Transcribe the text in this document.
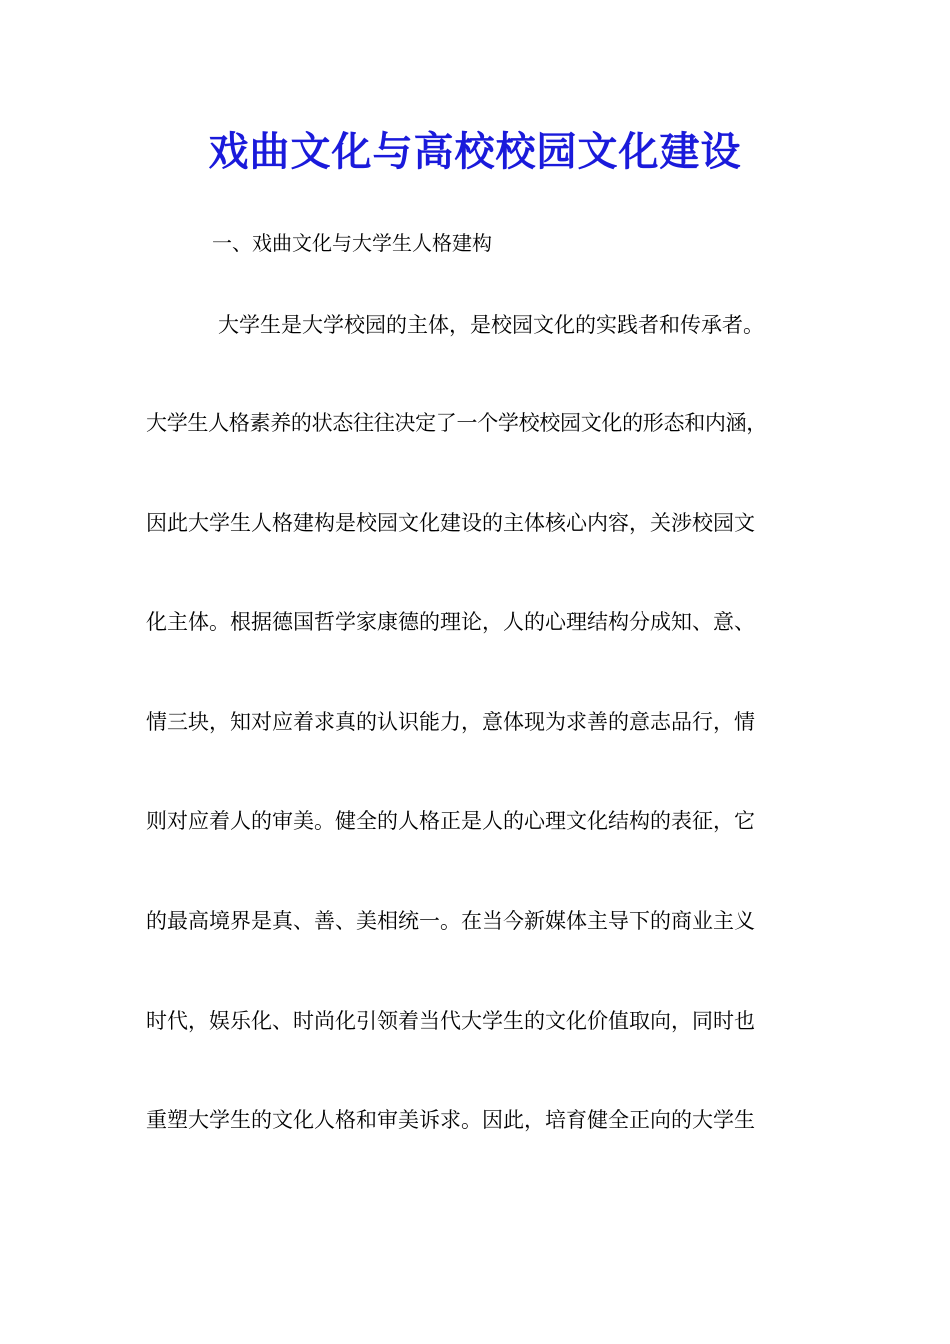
戏曲文化与高校校园文化建设

一、戏曲文化与大学生人格建构

大学生是大学校园的主体，是校园文化的实践者和传承者。

大学生人格素养的状态往往决定了一个学校校园文化的形态和内涵，

因此大学生人格建构是校园文化建设的主体核心内容，关涉校园文

化主体。根据德国哲学家康德的理论，人的心理结构分成知、意、

情三块，知对应着求真的认识能力，意体现为求善的意志品行，情

则对应着人的审美。健全的人格正是人的心理文化结构的表征，它

的最高境界是真、善、美相统一。在当今新媒体主导下的商业主义

时代，娱乐化、时尚化引领着当代大学生的文化价值取向，同时也

重塑大学生的文化人格和审美诉求。因此，培育健全正向的大学生
